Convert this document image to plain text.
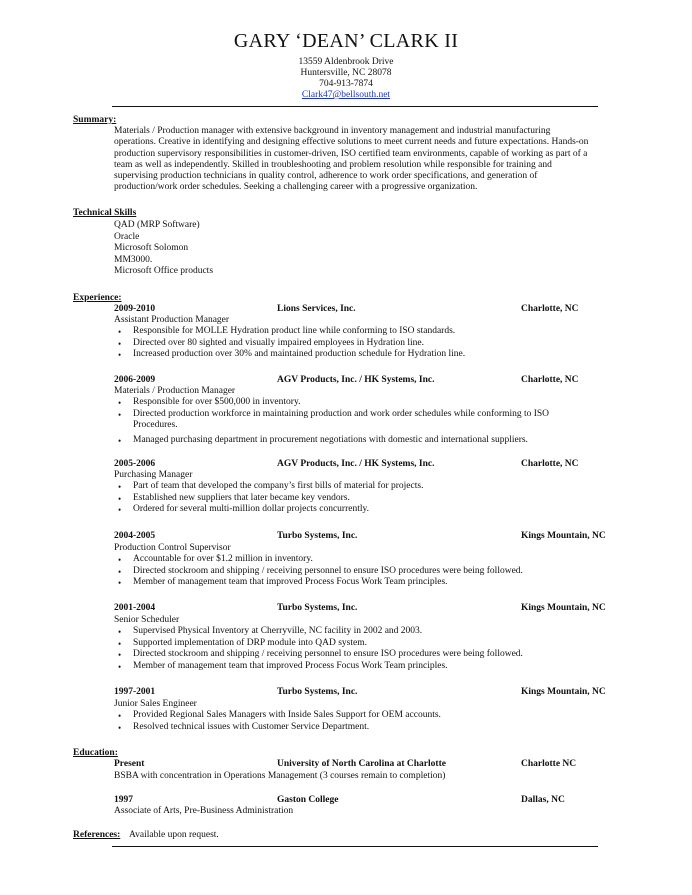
GARY ‘DEAN’ CLARK II
13559 Aldenbrook Drive
Huntersville, NC 28078
704-913-7874
Clark47@bellsouth.net
Summary:
Materials / Production manager with extensive background in inventory management and industrial manufacturing operations. Creative in identifying and designing effective solutions to meet current needs and future expectations. Hands-on production supervisory responsibilities in customer-driven, ISO certified team environments, capable of working as part of a team as well as independently. Skilled in troubleshooting and problem resolution while responsible for training and supervising production technicians in quality control, adherence to work order specifications, and generation of production/work order schedules. Seeking a challenging career with a progressive organization.
Technical Skills
QAD (MRP Software)
Oracle
Microsoft Solomon
MM3000.
Microsoft Office products
Experience:
2009-2010	Lions Services, Inc.	Charlotte, NC
Assistant Production Manager
• Responsible for MOLLE Hydration product line while conforming to ISO standards.
• Directed over 80 sighted and visually impaired employees in Hydration line.
• Increased production over 30% and maintained production schedule for Hydration line.
2006-2009	AGV Products, Inc. / HK Systems, Inc.	Charlotte, NC
Materials / Production Manager
• Responsible for over $500,000 in inventory.
• Directed production workforce in maintaining production and work order schedules while conforming to ISO Procedures.
• Managed purchasing department in procurement negotiations with domestic and international suppliers.
2005-2006	AGV Products, Inc. / HK Systems, Inc.	Charlotte, NC
Purchasing Manager
• Part of team that developed the company’s first bills of material for projects.
• Established new suppliers that later became key vendors.
• Ordered for several multi-million dollar projects concurrently.
2004-2005	Turbo Systems, Inc.	Kings Mountain, NC
Production Control Supervisor
• Accountable for over $1.2 million in inventory.
• Directed stockroom and shipping / receiving personnel to ensure ISO procedures were being followed.
• Member of management team that improved Process Focus Work Team principles.
2001-2004	Turbo Systems, Inc.	Kings Mountain, NC
Senior Scheduler
• Supervised Physical Inventory at Cherryville, NC facility in 2002 and 2003.
• Supported implementation of DRP module into QAD system.
• Directed stockroom and shipping / receiving personnel to ensure ISO procedures were being followed.
• Member of management team that improved Process Focus Work Team principles.
1997-2001	Turbo Systems, Inc.	Kings Mountain, NC
Junior Sales Engineer
• Provided Regional Sales Managers with Inside Sales Support for OEM accounts.
• Resolved technical issues with Customer Service Department.
Education:
Present	University of North Carolina at Charlotte	Charlotte NC
BSBA with concentration in Operations Management (3 courses remain to completion)
1997	Gaston College	Dallas, NC
Associate of Arts, Pre-Business Administration
References: Available upon request.
